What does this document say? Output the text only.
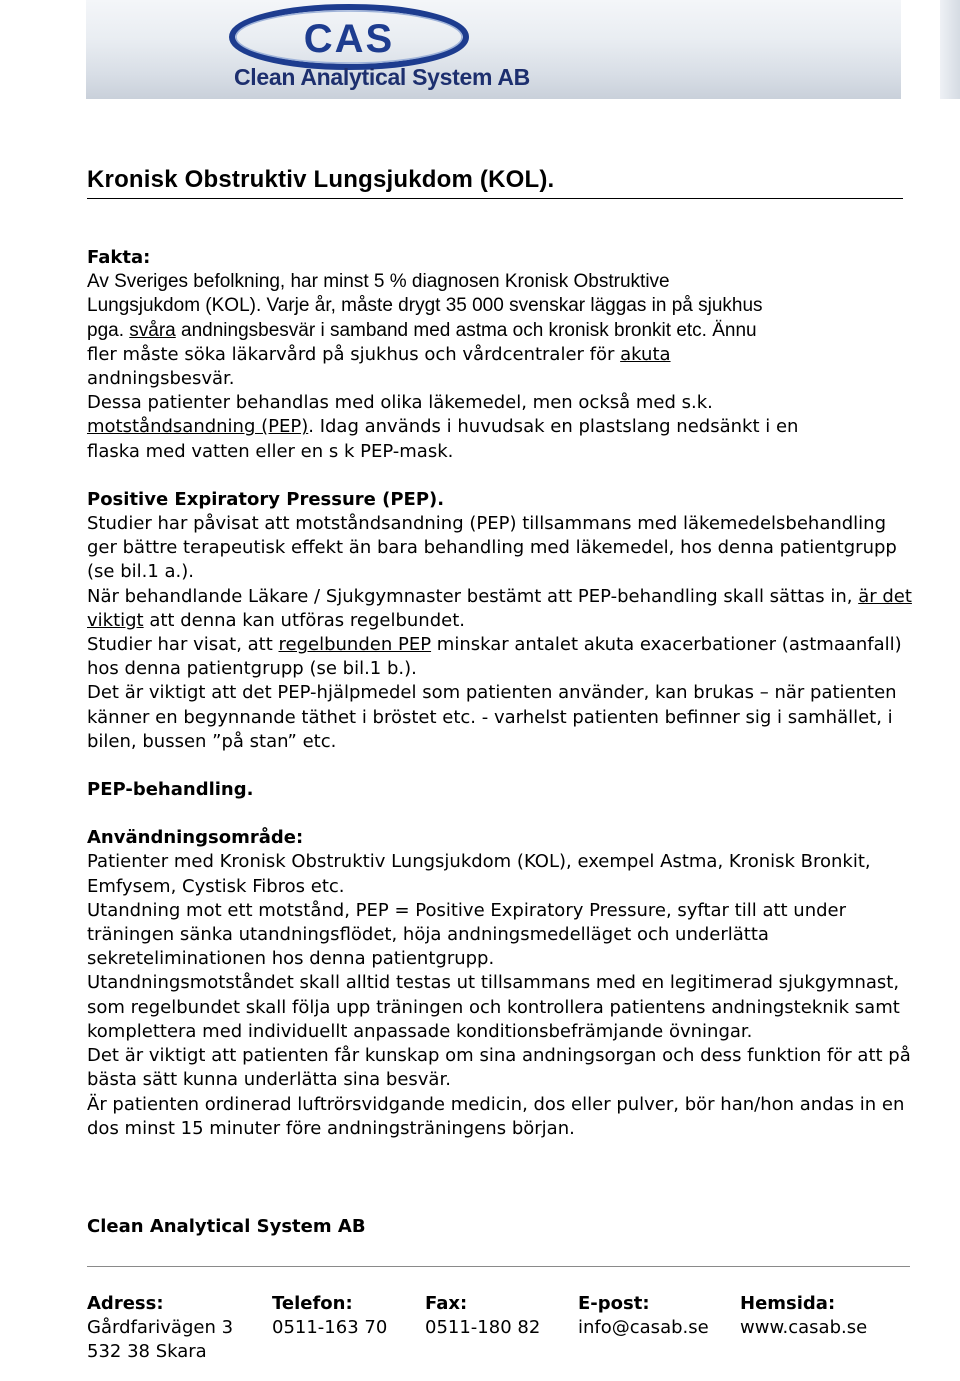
CAS
Clean Analytical System AB
Kronisk Obstruktiv Lungsjukdom (KOL).

Fakta:

Av Sveriges befolkning, har minst 5 % diagnosen Kronisk Obstruktive

Lungsjukdom (KOL). Varje år, måste drygt 35 000 svenskar läggas in på sjukhus

pga. svåra andningsbesvär i samband med astma och kronisk bronkit etc. Ännu

fler måste söka läkarvård på sjukhus och vårdcentraler för akuta

andningsbesvär.

Dessa patienter behandlas med olika läkemedel, men också med s.k.

motståndsandning (PEP). Idag används i huvudsak en plastslang nedsänkt i en

flaska med vatten eller en s k PEP-mask.

Positive Expiratory Pressure (PEP).

Studier har påvisat att motståndsandning (PEP) tillsammans med läkemedelsbehandling ger bättre terapeutisk effekt än bara behandling med läkemedel, hos denna patientgrupp (se bil.1 a.).

När behandlande Läkare / Sjukgymnaster bestämt att PEP-behandling skall sättas in, är det viktigt att denna kan utföras regelbundet.

Studier har visat, att regelbunden PEP minskar antalet akuta exacerbationer (astmaanfall) hos denna patientgrupp (se bil.1 b.).

Det är viktigt att det PEP-hjälpmedel som patienten använder, kan brukas – när patienten känner en begynnande täthet i bröstet etc. - varhelst patienten befinner sig i samhället, i bilen, bussen ”på stan” etc.

PEP-behandling.

Användningsområde:

Patienter med Kronisk Obstruktiv Lungsjukdom (KOL), exempel Astma, Kronisk Bronkit, Emfysem, Cystisk Fibros etc.

Utandning mot ett motstånd, PEP = Positive Expiratory Pressure, syftar till att under träningen sänka utandningsflödet, höja andningsmedelläget och underlätta sekreteliminationen hos denna patientgrupp.

Utandningsmotståndet skall alltid testas ut tillsammans med en legitimerad sjukgymnast, som regelbundet skall följa upp träningen och kontrollera patientens andningsteknik samt komplettera med individuellt anpassade konditionsbefrämjande övningar.

Det är viktigt att patienten får kunskap om sina andningsorgan och dess funktion för att på bästa sätt kunna underlätta sina besvär.

Är patienten ordinerad luftrörsvidgande medicin, dos eller pulver, bör han/hon andas in en dos minst 15 minuter före andningsträningens början.

Clean Analytical System AB
Adress:
Gårdfarivägen 3
532 38 Skara
Telefon:
0511-163 70
Fax:
0511-180 82
E-post:
info@casab.se
Hemsida:
www.casab.se
